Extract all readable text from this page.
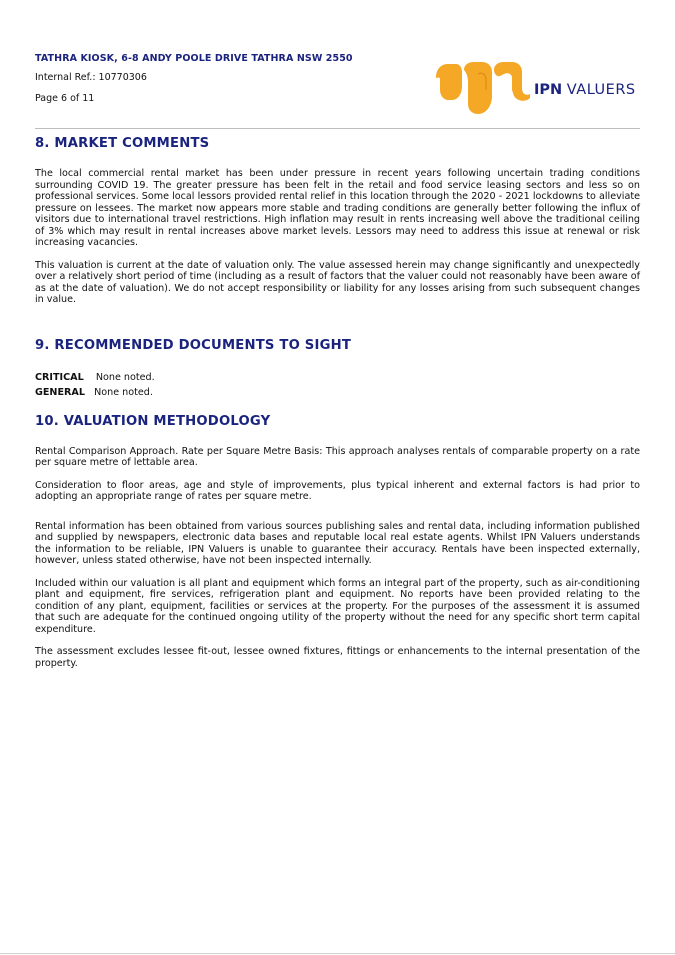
TATHRA KIOSK, 6-8 ANDY POOLE DRIVE TATHRA NSW 2550
Internal Ref.: 10770306
Page 6 of 11
IPN VALUERS
8. MARKET COMMENTS

The local commercial rental market has been under pressure in recent years following uncertain trading conditions surrounding COVID 19. The greater pressure has been felt in the retail and food service leasing sectors and less so on professional services. Some local lessors provided rental relief in this location through the 2020 - 2021 lockdowns to alleviate pressure on lessees. The market now appears more stable and trading conditions are generally better following the influx of visitors due to international travel restrictions. High inflation may result in rents increasing well above the traditional ceiling of 3% which may result in rental increases above market levels. Lessors may need to address this issue at renewal or risk increasing vacancies.

This valuation is current at the date of valuation only. The value assessed herein may change significantly and unexpectedly over a relatively short period of time (including as a result of factors that the valuer could not reasonably have been aware of as at the date of valuation). We do not accept responsibility or liability for any losses arising from such subsequent changes in value.

9. RECOMMENDED DOCUMENTS TO SIGHT
CRITICAL None noted.
GENERAL None noted.
10. VALUATION METHODOLOGY

Rental Comparison Approach. Rate per Square Metre Basis: This approach analyses rentals of comparable property on a rate per square metre of lettable area.

Consideration to floor areas, age and style of improvements, plus typical inherent and external factors is had prior to adopting an appropriate range of rates per square metre.

Rental information has been obtained from various sources publishing sales and rental data, including information published and supplied by newspapers, electronic data bases and reputable local real estate agents. Whilst IPN Valuers understands the information to be reliable, IPN Valuers is unable to guarantee their accuracy. Rentals have been inspected externally, however, unless stated otherwise, have not been inspected internally.

Included within our valuation is all plant and equipment which forms an integral part of the property, such as air-conditioning plant and equipment, fire services, refrigeration plant and equipment. No reports have been provided relating to the condition of any plant, equipment, facilities or services at the property. For the purposes of the assessment it is assumed that such are adequate for the continued ongoing utility of the property without the need for any specific short term capital expenditure.

The assessment excludes lessee fit-out, lessee owned fixtures, fittings or enhancements to the internal presentation of the property.
